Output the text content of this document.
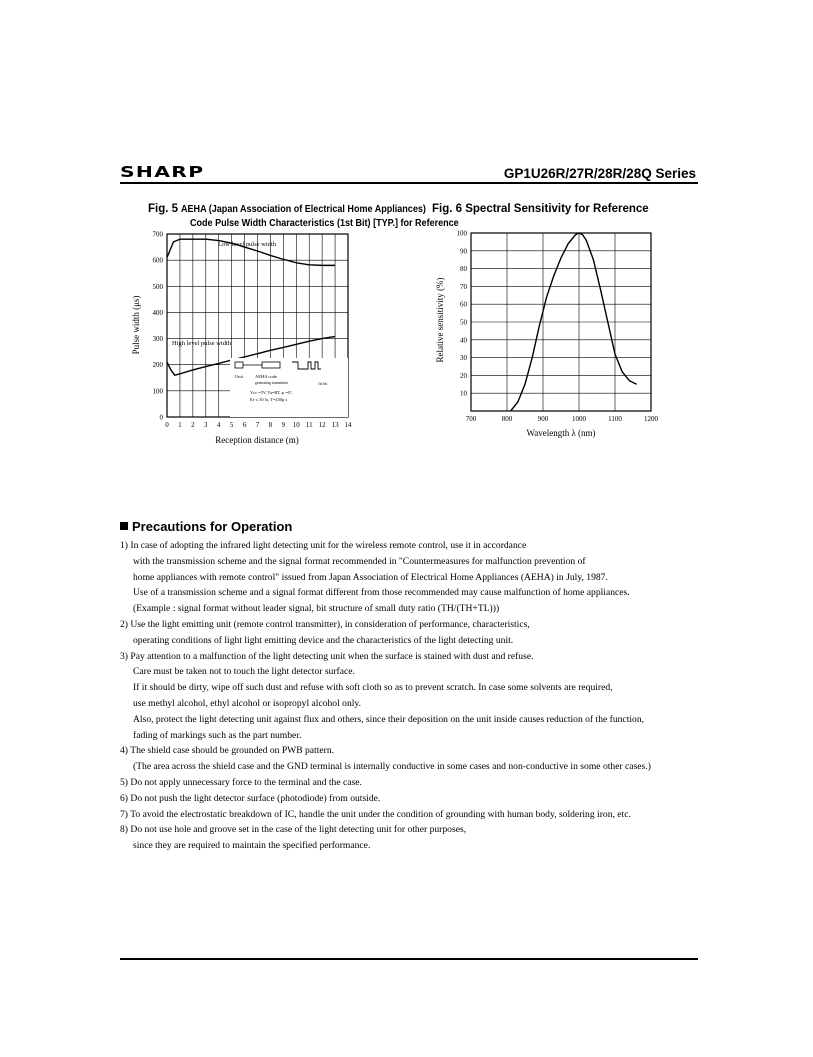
SHARP	GP1U26R/27R/28R/28Q Series
Fig. 5 AEHA (Japan Association of Electrical Home Appliances)
Code Pulse Width Characteristics (1st Bit) [TYP.] for Reference
Fig. 6 Spectral Sensitivity for Reference
0
100
200
300
400
500
600
700
0 1 2 3 4 5 6 7 8 9 10 11 12 13 14
Low level pulse width
High level pulse width
Unit	AEHA code
generating transmitter	1st bit
Vcc =5V, Ta=RT, φ =0°,
Ee ≤ 10 lx, T=430μ s
Reception distance (m)
Pulse width (μs)
10
20
30
40
50
60
70
80
90
100
700	800	900	1000	1100	1200
Wavelength λ (nm)
Relative sensitivity (%)
Precautions for Operation
1) In case of adopting the infrared light detecting unit for the wireless remote control, use it in accordance
with the transmission scheme and the signal format recommended in "Countermeasures for malfunction prevention of
home appliances with remote control" issued from Japan Association of Electrical Home Appliances (AEHA) in July, 1987.
Use of a transmission scheme and a signal format different from those recommended may cause malfunction of home appliances.
(Example : signal format without leader signal, bit structure of small duty ratio (TH/(TH+TL)))
2) Use the light emitting unit (remote control transmitter), in consideration of performance, characteristics,
operating conditions of light light emitting device and the characteristics of the light detecting unit.
3) Pay attention to a malfunction of the light detecting unit when the surface is stained with dust and refuse.
Care must be taken not to touch the light detector surface.
If it should be dirty, wipe off such dust and refuse with soft cloth so as to prevent scratch. In case some solvents are required,
use methyl alcohol, ethyl alcohol or isopropyl alcohol only.
Also, protect the light detecting unit against flux and others, since their deposition on the unit inside causes reduction of the function,
fading of markings such as the part number.
4) The shield case should be grounded on PWB pattern.
(The area across the shield case and the GND terminal is internally conductive in some cases and non-conductive in some other cases.)
5) Do not apply unnecessary force to the terminal and the case.
6) Do not push the light detector surface (photodiode) from outside.
7) To avoid the electrostatic breakdown of IC, handle the unit under the condition of grounding with human body, soldering iron, etc.
8) Do not use hole and groove set in the case of the light detecting unit for other purposes,
since they are required to maintain the specified performance.
